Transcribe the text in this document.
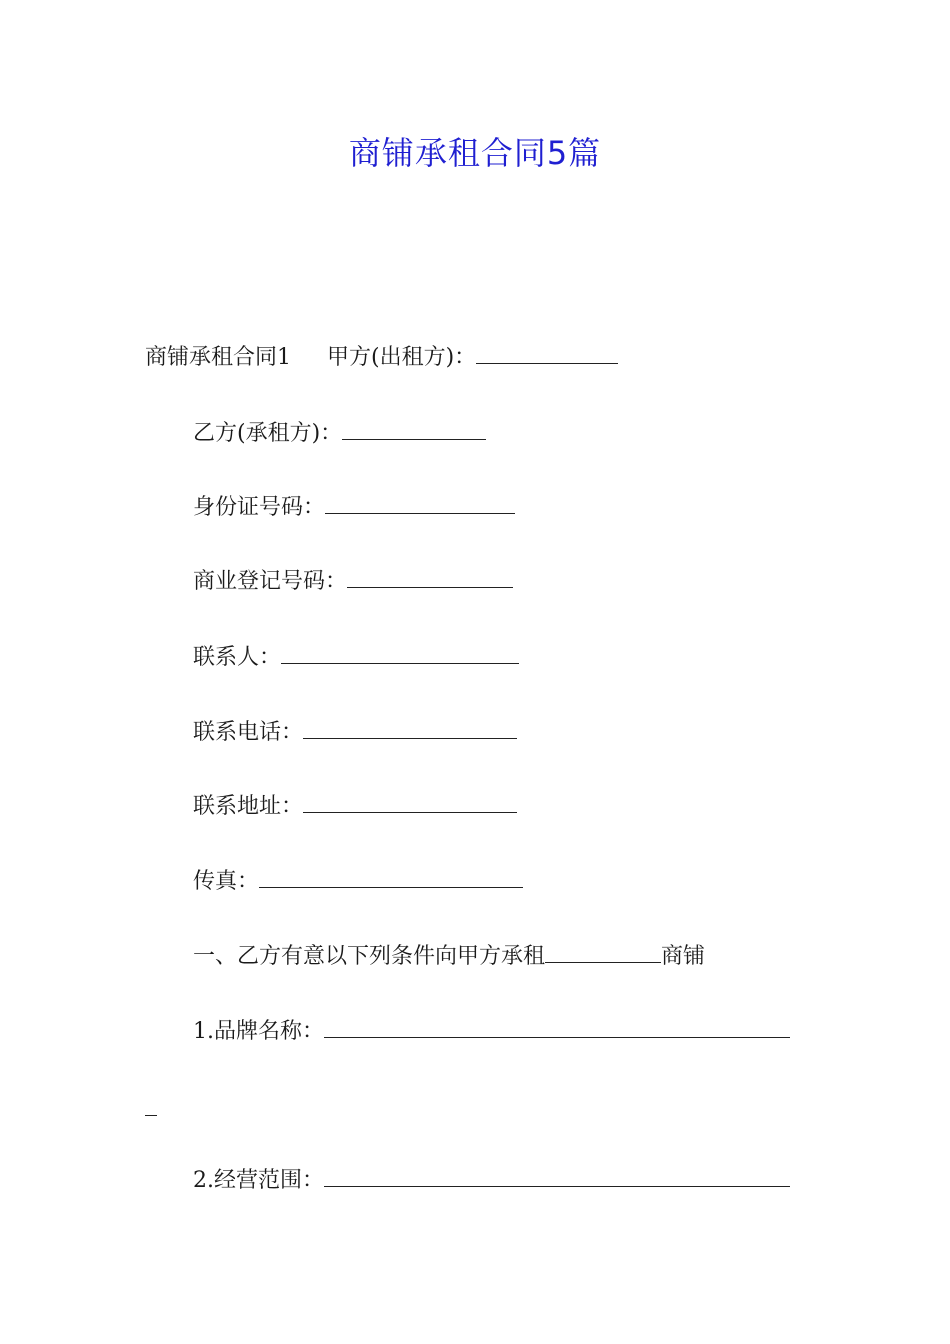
商铺承租合同5篇
商铺承租合同1 甲方(出租方)：
乙方(承租方)：
身份证号码：
商业登记号码：
联系人：
联系电话：
联系地址：
传真：
一、乙方有意以下列条件向甲方承租	商铺
1.品牌名称：
2.经营范围：
